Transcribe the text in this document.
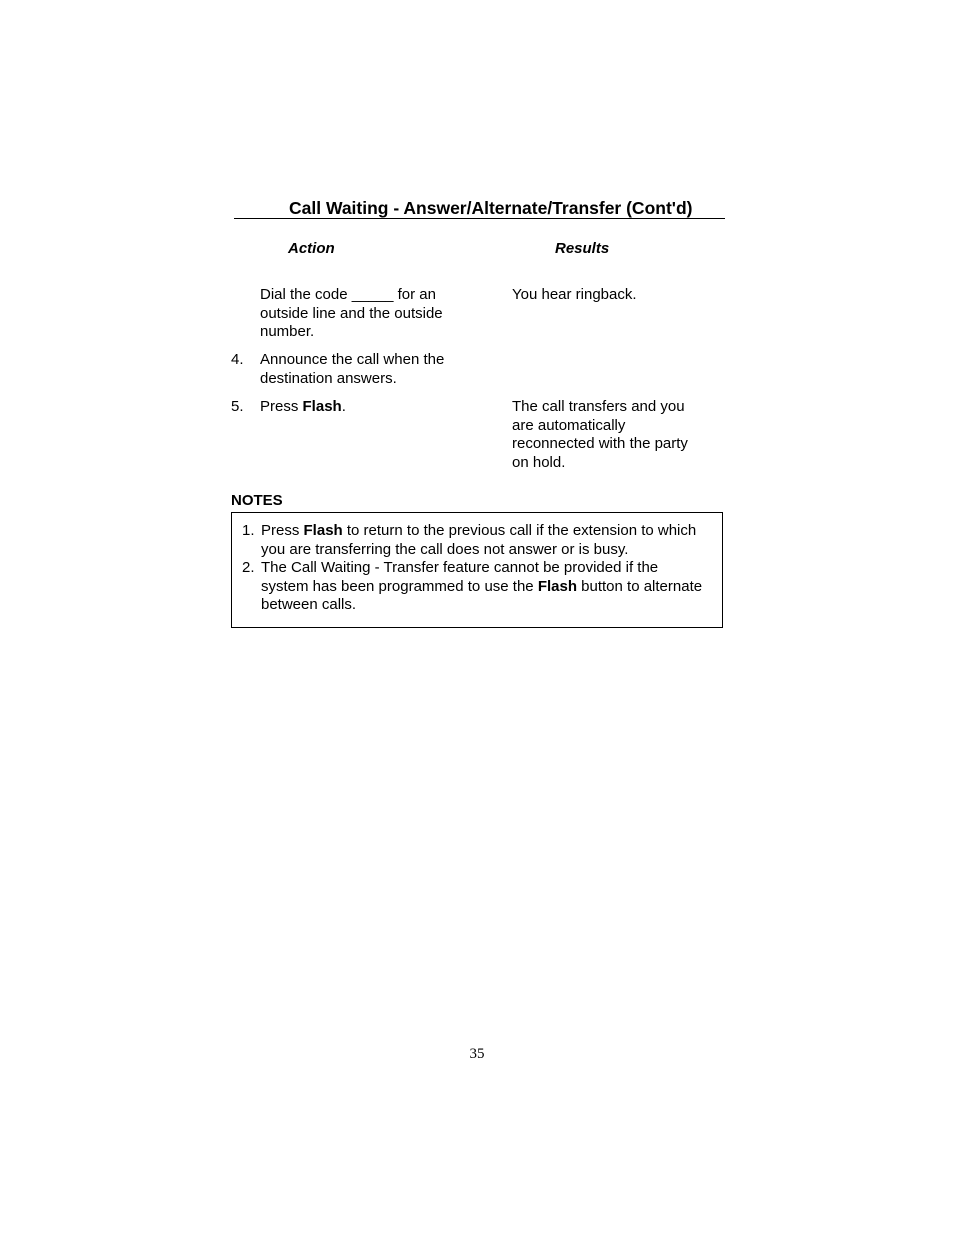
Call Waiting - Answer/Alternate/Transfer (Cont'd)
Action	Results
Dial the code _____ for an
outside line and the outside
number.
You hear ringback.
4. Announce the call when the
destination answers.
5. Press Flash.	The call transfers and you
are automatically
reconnected with the party
on hold.
NOTES
1. Press Flash to return to the previous call if the extension to which
you are transferring the call does not answer or is busy.
2. The Call Waiting - Transfer feature cannot be provided if the
system has been programmed to use the Flash button to alternate
between calls.
35
